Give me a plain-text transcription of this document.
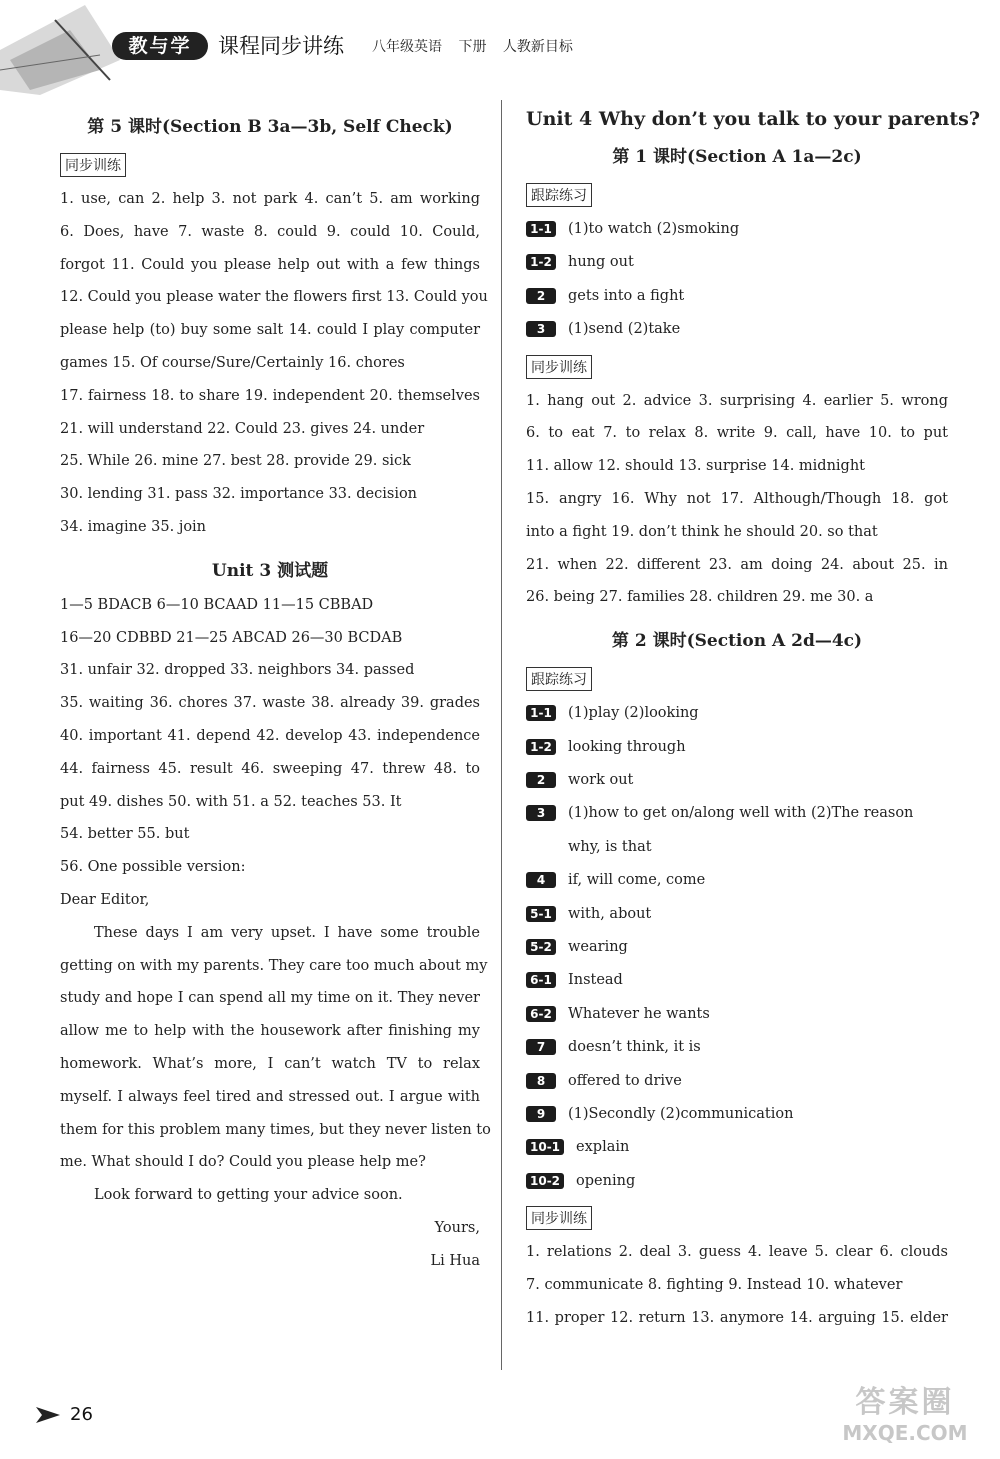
教与学	课程同步讲练 八年级英语 下册 人教新目标
第 5 课时(Section B 3a—3b, Self Check)
同步训练
1. use, can 2. help 3. not park 4. can’t 5. am working
6. Does, have 7. waste 8. could 9. could 10. Could,
forgot 11. Could you please help out with a few things
12. Could you please water the flowers first 13. Could you
please help (to) buy some salt 14. could I play computer
games 15. Of course/Sure/Certainly 16. chores
17. fairness 18. to share 19. independent 20. themselves
21. will understand 22. Could 23. gives 24. under
25. While 26. mine 27. best 28. provide 29. sick
30. lending 31. pass 32. importance 33. decision
34. imagine 35. join
Unit 3 测试题
1—5 BDACB 6—10 BCAAD 11—15 CBBAD
16—20 CDBBD 21—25 ABCAD 26—30 BCDAB
31. unfair 32. dropped 33. neighbors 34. passed
35. waiting 36. chores 37. waste 38. already 39. grades
40. important 41. depend 42. develop 43. independence
44. fairness 45. result 46. sweeping 47. threw 48. to
put 49. dishes 50. with 51. a 52. teaches 53. It
54. better 55. but
56. One possible version:
Dear Editor,
These days I am very upset. I have some trouble
getting on with my parents. They care too much about my
study and hope I can spend all my time on it. They never
allow me to help with the housework after finishing my
homework. What’s more, I can’t watch TV to relax
myself. I always feel tired and stressed out. I argue with
them for this problem many times, but they never listen to
me. What should I do? Could you please help me?
Look forward to getting your advice soon.
Yours,
Li Hua
Unit 4 Why don’t you talk to your parents?
第 1 课时(Section A 1a—2c)
跟踪练习
1-1 (1)to watch (2)smoking
1-2 hung out
2 gets into a fight
3 (1)send (2)take
同步训练
1. hang out 2. advice 3. surprising 4. earlier 5. wrong
6. to eat 7. to relax 8. write 9. call, have 10. to put
11. allow 12. should 13. surprise 14. midnight
15. angry 16. Why not 17. Although/Though 18. got
into a fight 19. don’t think he should 20. so that
21. when 22. different 23. am doing 24. about 25. in
26. being 27. families 28. children 29. me 30. a
第 2 课时(Section A 2d—4c)
跟踪练习
1-1 (1)play (2)looking
1-2 looking through
2 work out
3 (1)how to get on/along well with (2)The reason
why, is that
4 if, will come, come
5-1 with, about
5-2 wearing
6-1 Instead
6-2 Whatever he wants
7 doesn’t think, it is
8 offered to drive
9 (1)Secondly (2)communication
10-1 explain
10-2 opening
同步训练
1. relations 2. deal 3. guess 4. leave 5. clear 6. clouds
7. communicate 8. fighting 9. Instead 10. whatever
11. proper 12. return 13. anymore 14. arguing 15. elder
26	答案圈
MXQE.COM
